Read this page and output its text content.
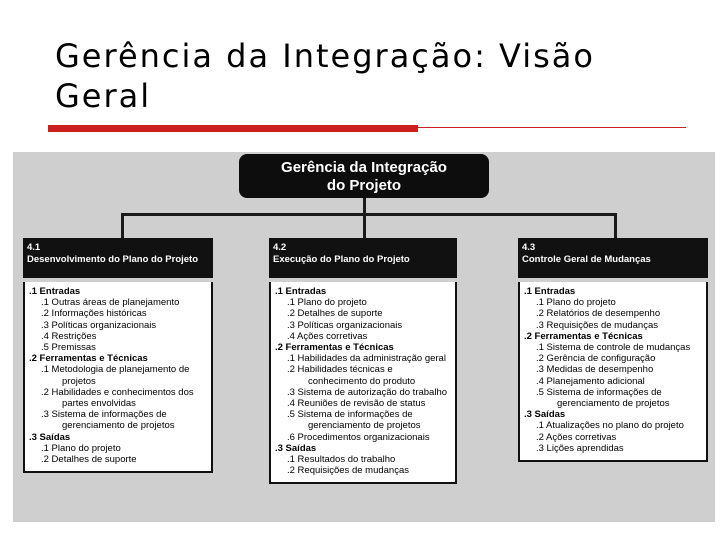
Gerência da Integração: Visão Geral
Gerência da Integração
do Projeto
4.1
Desenvolvimento do Plano do Projeto
.1 Entradas
.1 Outras áreas de planejamento
.2 Informações históricas
.3 Políticas organizacionais
.4 Restrições
.5 Premissas
.2 Ferramentas e Técnicas
.1 Metodologia de planejamento de
projetos
.2 Habilidades e conhecimentos dos
partes envolvidas
.3 Sistema de informações de
gerenciamento de projetos
.3 Saídas
.1 Plano do projeto
.2 Detalhes de suporte
4.2
Execução do Plano do Projeto
.1 Entradas
.1 Plano do projeto
.2 Detalhes de suporte
.3 Políticas organizacionais
.4 Ações corretivas
.2 Ferramentas e Técnicas
.1 Habilidades da administração geral
.2 Habilidades técnicas e
conhecimento do produto
.3 Sistema de autorização do trabalho
.4 Reuniões de revisão de status
.5 Sistema de informações de
gerenciamento de projetos
.6 Procedimentos organizacionais
.3 Saídas
.1 Resultados do trabalho
.2 Requisições de mudanças
4.3
Controle Geral de Mudanças
.1 Entradas
.1 Plano do projeto
.2 Relatórios de desempenho
.3 Requisições de mudanças
.2 Ferramentas e Técnicas
.1 Sistema de controle de mudanças
.2 Gerência de configuração
.3 Medidas de desempenho
.4 Planejamento adicional
.5 Sistema de informações de
gerenciamento de projetos
.3 Saídas
.1 Atualizações no plano do projeto
.2 Ações corretivas
.3 Lições aprendidas
